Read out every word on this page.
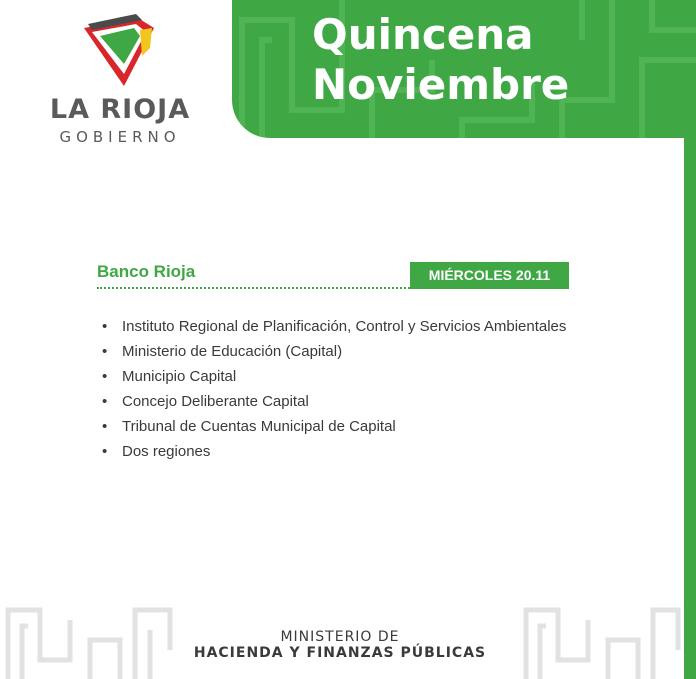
LA RIOJA
GOBIERNO
Quincena
Noviembre
Banco Rioja	MIÉRCOLES 20.11
• Instituto Regional de Planificación, Control y Servicios Ambientales
• Ministerio de Educación (Capital)
• Municipio Capital
• Concejo Deliberante Capital
• Tribunal de Cuentas Municipal de Capital
• Dos regiones
MINISTERIO DE
HACIENDA Y FINANZAS PÚBLICAS
